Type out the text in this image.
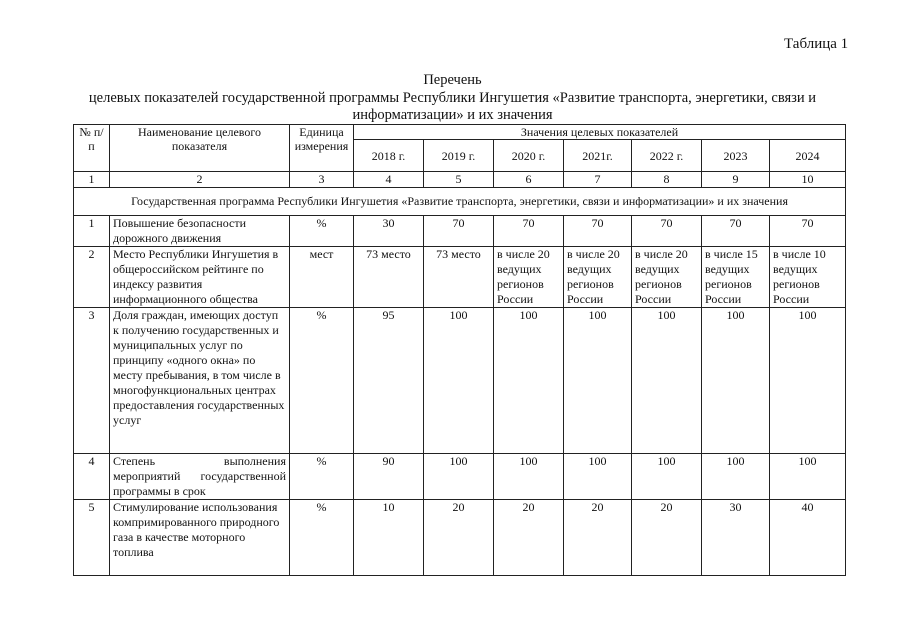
Таблица 1
Перечень
целевых показателей государственной программы Республики Ингушетия «Развитие транспорта, энергетики, связи и информатизации» и их значения
№ п/п	Наименование целевого показателя	Единица измерения	Значения целевых показателей						
			2018 г.	2019 г.	2020 г.	2021г.	2022 г.	2023	2024
1	2	3	4	5	6	7	8	9	10
Государственная программа Республики Ингушетия «Развитие транспорта, энергетики, связи и информатизации» и их значения									
1	Повышение безопасности дорожного движения	%	30	70	70	70	70	70	70
2	Место Республики Ингушетия в общероссийском рейтинге по индексу развития информационного общества	мест	73 место	73 место	в числе 20 ведущих регионов России	в числе 20 ведущих регионов России	в числе 20 ведущих регионов России	в числе 15 ведущих регионов России	в числе 10 ведущих регионов России
3	Доля граждан, имеющих доступ к получению государственных и муниципальных услуг по принципу «одного окна» по месту пребывания, в том числе в многофункциональных центрах предоставления государственных услуг	%	95	100	100	100	100	100	100
4	Степень выполнения мероприятий государственной программы в срок	%	90	100	100	100	100	100	100
5	Стимулирование использования компримированного природного газа в качестве моторного топлива	%	10	20	20	20	20	30	40
